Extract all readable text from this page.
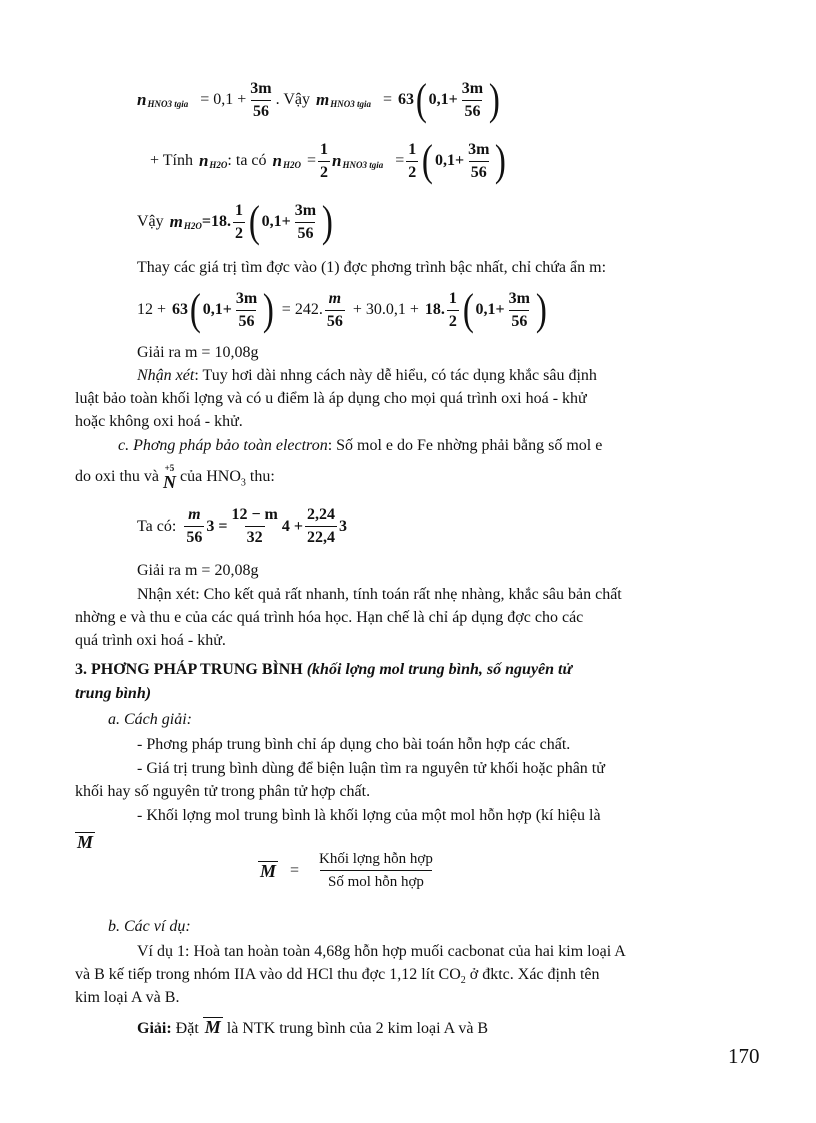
n HNO3 tgia = $0,1 + \frac{3m}{56}$ . Vậy m HNO3 tgia = 63 ( $0,1+ \frac{3m}{56}$ )
+ Tính n H2O : ta có n $H2O = \frac{1}{2}$ n HNO3 tgia = $\frac{1}{2}$ ( $0,1+ \frac{3m}{56}$ )
Vậy m H2O =18. $\frac{1}{2}$ ( $0,1+ \frac{3m}{56}$ )
Thay các giá trị tìm đợc vào (1) đợc phơng trình bậc nhất, chỉ chứa ẩn m:
12 + 63 ( $0,1+ \frac{3m}{56}$ ) = 242. $\frac{m}{56} + 30.0,1 + 18$. $\frac{1}{2}$ ( $0,1+ \frac{3m}{56}$ )
Giải ra m = 10,08g
Nhận xét: Tuy hơi dài nhng cách này dễ hiểu, có tác dụng khắc sâu định
luật bảo toàn khối lợng và có u điểm là áp dụng cho mọi quá trình oxi hoá - khử
hoặc không oxi hoá - khử.
c. Phơng pháp bảo toàn electron: Số mol e do Fe nhờng phải bằng số mol e
do oxi thu và
+5
N của $HNO_3$ thu:
Ta có: $\frac{m}{56} 3 = \frac{12 - m}{32} 4 + \frac{2,24}{22,4} 3$
Giải ra m = 20,08g
Nhận xét: Cho kết quả rất nhanh, tính toán rất nhẹ nhàng, khắc sâu bản chất
nhờng e và thu e của các quá trình hóa học. Hạn chế là chỉ áp dụng đợc cho các
quá trình oxi hoá - khử.
3. PHƠNG PHÁP TRUNG BÌNH (khối lợng mol trung bình, số nguyên tử
trung bình)
a. Cách giải:
- Phơng pháp trung bình chỉ áp dụng cho bài toán hỗn hợp các chất.
- Giá trị trung bình dùng để biện luận tìm ra nguyên tử khối hoặc phân tử
khối hay số nguyên tử trong phân tử hợp chất.
- Khối lợng mol trung bình là khối lợng của một mol hỗn hợp (kí hiệu là
M
$M = \frac{\text{Khối lợng hỗn hợp}}{\text{Số mol hỗn hợp}}$
b. Các ví dụ:
Ví dụ 1: Hoà tan hoàn toàn 4,68g hỗn hợp muối cacbonat của hai kim loại A
và B kế tiếp trong nhóm IIA vào dd HCl thu đợc 1,12 lít $CO_2$ ở đktc. Xác định tên
kim loại A và B.
Giải: Đặt M là NTK trung bình của 2 kim loại A và B
170
